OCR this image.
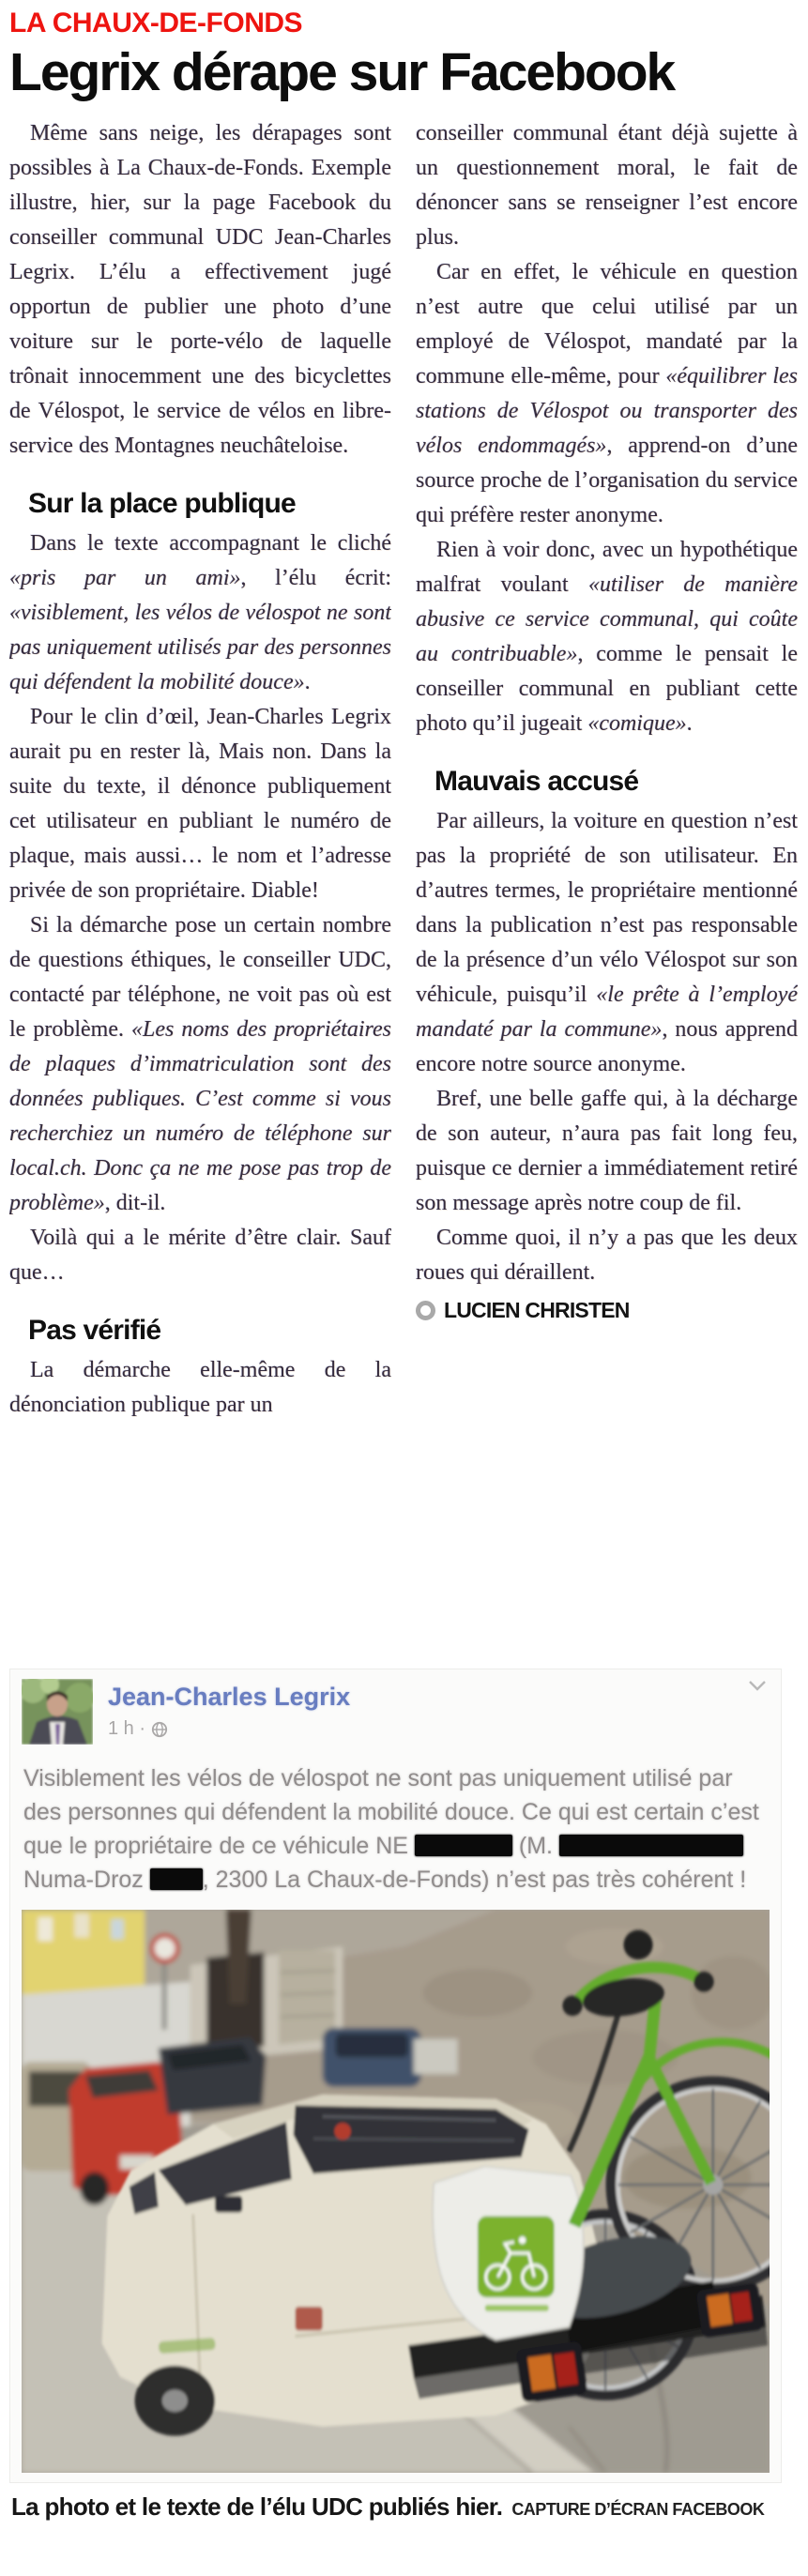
LA CHAUX-DE-FONDS
Legrix dérape sur Facebook

Même sans neige, les dérapages sont possibles à La Chaux-de-Fonds. Exemple illustre, hier, sur la page Facebook du conseiller communal UDC Jean-Charles Legrix. L’élu a effectivement jugé opportun de publier une photo d’une voiture sur le porte-vélo de laquelle trônait innocemment une des bicyclettes de Vélospot, le service de vélos en libre-service des Montagnes neuchâteloise.

Sur la place publique

Dans le texte accompagnant le cliché «pris par un ami», l’élu écrit: «visiblement, les vélos de vélospot ne sont pas uniquement utilisés par des personnes qui défendent la mobilité douce».

Pour le clin d’œil, Jean-Charles Legrix aurait pu en rester là, Mais non. Dans la suite du texte, il dénonce publiquement cet utilisateur en publiant le numéro de plaque, mais aussi… le nom et l’adresse privée de son propriétaire. Diable!

Si la démarche pose un certain nombre de questions éthiques, le conseiller UDC, contacté par téléphone, ne voit pas où est le problème. «Les noms des propriétaires de plaques d’immatriculation sont des données publiques. C’est comme si vous recherchiez un numéro de téléphone sur local.ch. Donc ça ne me pose pas trop de problème», dit-il.

Voilà qui a le mérite d’être clair. Sauf que…

Pas vérifié

La démarche elle-même de la dénonciation publique par un

conseiller communal étant déjà sujette à un questionnement moral, le fait de dénoncer sans se renseigner l’est encore plus.

Car en effet, le véhicule en question n’est autre que celui utilisé par un employé de Vélospot, mandaté par la commune elle-même, pour «équilibrer les stations de Vélospot ou transporter des vélos endommagés», apprend-on d’une source proche de l’organisation du service qui préfère rester anonyme.

Rien à voir donc, avec un hypothétique malfrat voulant «utiliser de manière abusive ce service communal, qui coûte au contribuable», comme le pensait le conseiller communal en publiant cette photo qu’il jugeait «comique».

Mauvais accusé

Par ailleurs, la voiture en question n’est pas la propriété de son utilisateur. En d’autres termes, le propriétaire mentionné dans la publication n’est pas responsable de la présence d’un vélo Vélospot sur son véhicule, puisqu’il «le prête à l’employé mandaté par la commune», nous apprend encore notre source anonyme.

Bref, une belle gaffe qui, à la décharge de son auteur, n’aura pas fait long feu, puisque ce dernier a immédiatement retiré son message après notre coup de fil.

Comme quoi, il n’y a pas que les deux roues qui déraillent.

LUCIEN CHRISTEN
Jean-Charles Legrix
1 h ·
Visiblement les vélos de vélospot ne sont pas uniquement utilisé par des personnes qui défendent la mobilité douce. Ce qui est certain c’est que le propriétaire de ce véhicule NE	(M.  Numa-Droz , 2300 La Chaux-de-Fonds) n’est pas très cohérent !
La photo et le texte de l’élu UDC publiés hier. CAPTURE D’ÉCRAN FACEBOOK
